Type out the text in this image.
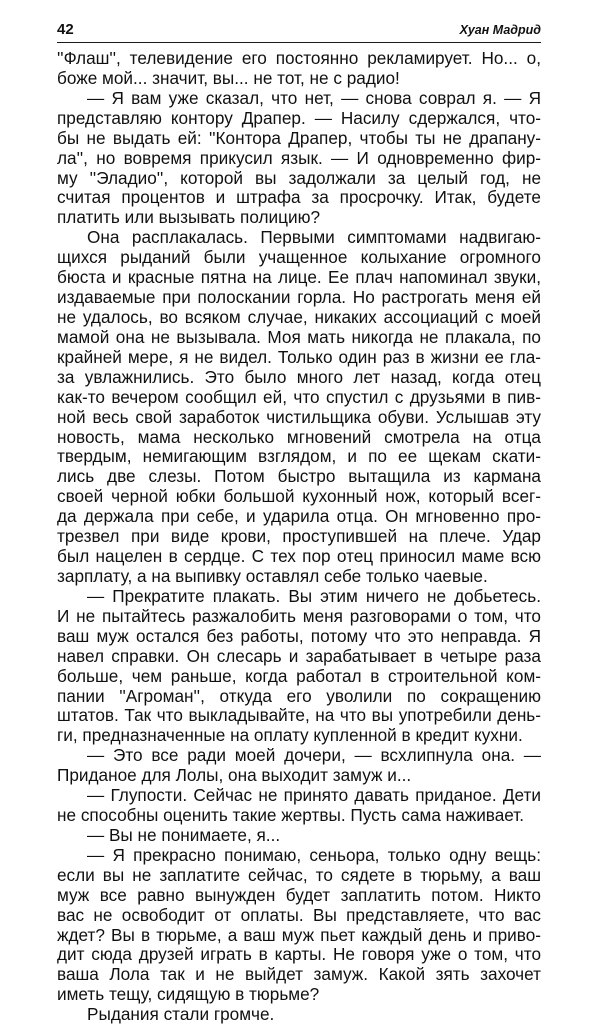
42	Хуан Мадрид
''Флаш'', телевидение его постоянно рекламирует. Но... о,
боже мой... значит, вы... не тот, не с радио!
— Я вам уже сказал, что нет, — снова соврал я. — Я
представляю контору Драпер. — Насилу сдержался, что-
бы не выдать ей: ''Контора Драпер, чтобы ты не драпану-
ла'', но вовремя прикусил язык. — И одновременно фир-
му ''Эладио'', которой вы задолжали за целый год, не
считая процентов и штрафа за просрочку. Итак, будете
платить или вызывать полицию?
Она расплакалась. Первыми симптомами надвигаю-
щихся рыданий были учащенное колыхание огромного
бюста и красные пятна на лице. Ее плач напоминал звуки,
издаваемые при полоскании горла. Но растрогать меня ей
не удалось, во всяком случае, никаких ассоциаций с моей
мамой она не вызывала. Моя мать никогда не плакала, по
крайней мере, я не видел. Только один раз в жизни ее гла-
за увлажнились. Это было много лет назад, когда отец
как-то вечером сообщил ей, что спустил с друзьями в пив-
ной весь свой заработок чистильщика обуви. Услышав эту
новость, мама несколько мгновений смотрела на отца
твердым, немигающим взглядом, и по ее щекам скати-
лись две слезы. Потом быстро вытащила из кармана
своей черной юбки большой кухонный нож, который всег-
да держала при себе, и ударила отца. Он мгновенно про-
трезвел при виде крови, проступившей на плече. Удар
был нацелен в сердце. С тех пор отец приносил маме всю
зарплату, а на выпивку оставлял себе только чаевые.
— Прекратите плакать. Вы этим ничего не добьетесь.
И не пытайтесь разжалобить меня разговорами о том, что
ваш муж остался без работы, потому что это неправда. Я
навел справки. Он слесарь и зарабатывает в четыре раза
больше, чем раньше, когда работал в строительной ком-
пании ''Агроман'', откуда его уволили по сокращению
штатов. Так что выкладывайте, на что вы употребили день-
ги, предназначенные на оплату купленной в кредит кухни.
— Это все ради моей дочери, — всхлипнула она. —
Приданое для Лолы, она выходит замуж и...
— Глупости. Сейчас не принято давать приданое. Дети
не способны оценить такие жертвы. Пусть сама наживает.
— Вы не понимаете, я...
— Я прекрасно понимаю, сеньора, только одну вещь:
если вы не заплатите сейчас, то сядете в тюрьму, а ваш
муж все равно вынужден будет заплатить потом. Никто
вас не освободит от оплаты. Вы представляете, что вас
ждет? Вы в тюрьме, а ваш муж пьет каждый день и приво-
дит сюда друзей играть в карты. Не говоря уже о том, что
ваша Лола так и не выйдет замуж. Какой зять захочет
иметь тещу, сидящую в тюрьме?
Рыдания стали громче.
